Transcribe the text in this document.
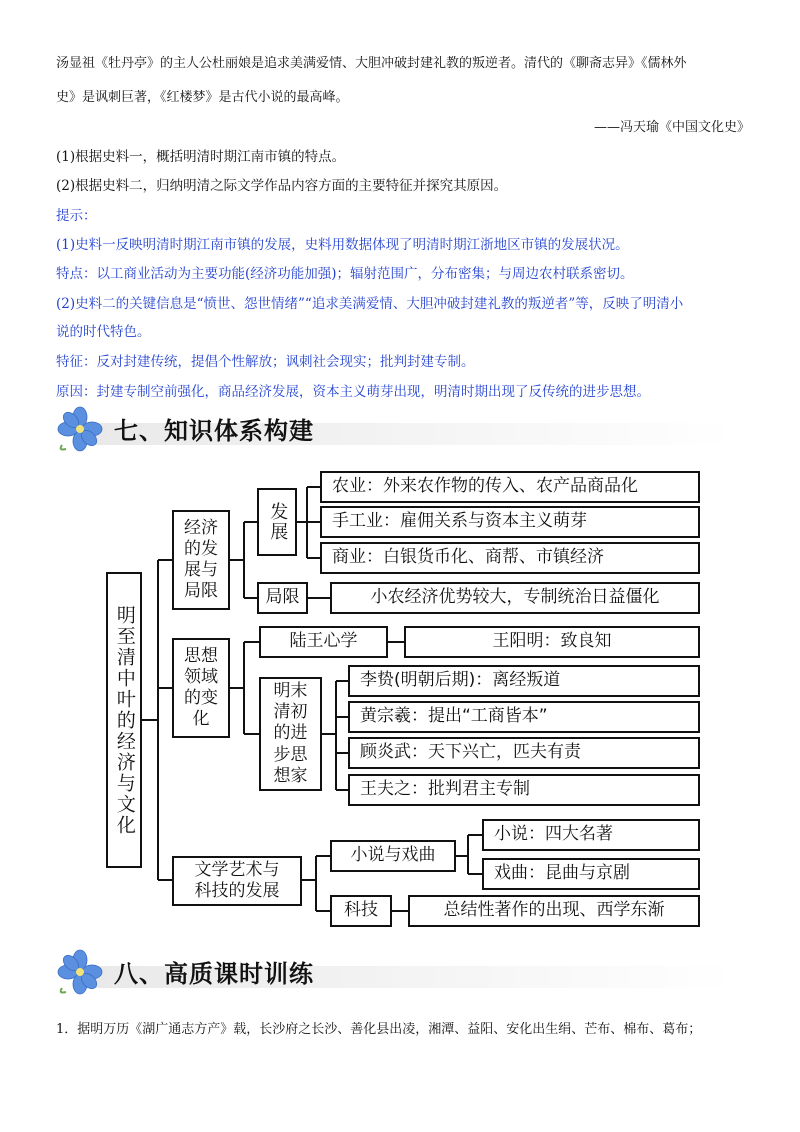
汤显祖《牡丹亭》的主人公杜丽娘是追求美满爱情、大胆冲破封建礼教的叛逆者。清代的《聊斋志异》《儒林外
史》是讽刺巨著，《红楼梦》是古代小说的最高峰。
——冯天瑜《中国文化史》
(1)根据史料一，概括明清时期江南市镇的特点。
(2)根据史料二，归纳明清之际文学作品内容方面的主要特征并探究其原因。
提示：
(1)史料一反映明清时期江南市镇的发展，史料用数据体现了明清时期江浙地区市镇的发展状况。
特点：以工商业活动为主要功能(经济功能加强)；辐射范围广，分布密集；与周边农村联系密切。
(2)史料二的关键信息是“愤世、怨世情绪”“追求美满爱情、大胆冲破封建礼教的叛逆者”等，反映了明清小
说的时代特色。
特征：反对封建传统，提倡个性解放；讽刺社会现实；批判封建专制。
原因：封建专制空前强化，商品经济发展，资本主义萌芽出现，明清时期出现了反传统的进步思想。
七、知识体系构建
明至清中叶的经济与文化
经济
的发
展与
局限
发展
农业：外来农作物的传入、农产品商品化
手工业：雇佣关系与资本主义萌芽
商业：白银货币化、商帮、市镇经济
局限	小农经济优势较大，专制统治日益僵化
思想
领域
的变
化
陆王心学	王阳明：致良知
明末
清初
的进
步思
想家
李贽(明朝后期)：离经叛道
黄宗羲：提出“工商皆本”
顾炎武：天下兴亡，匹夫有责
王夫之：批判君主专制
文学艺术与
科技的发展
小说与戏曲
小说：四大名著
戏曲：昆曲与京剧
科技	总结性著作的出现、西学东渐
八、高质课时训练
1．据明万历《湖广通志方产》载，长沙府之长沙、善化县出凌，湘潭、益阳、安化出生绢、芒布、棉布、葛布；
